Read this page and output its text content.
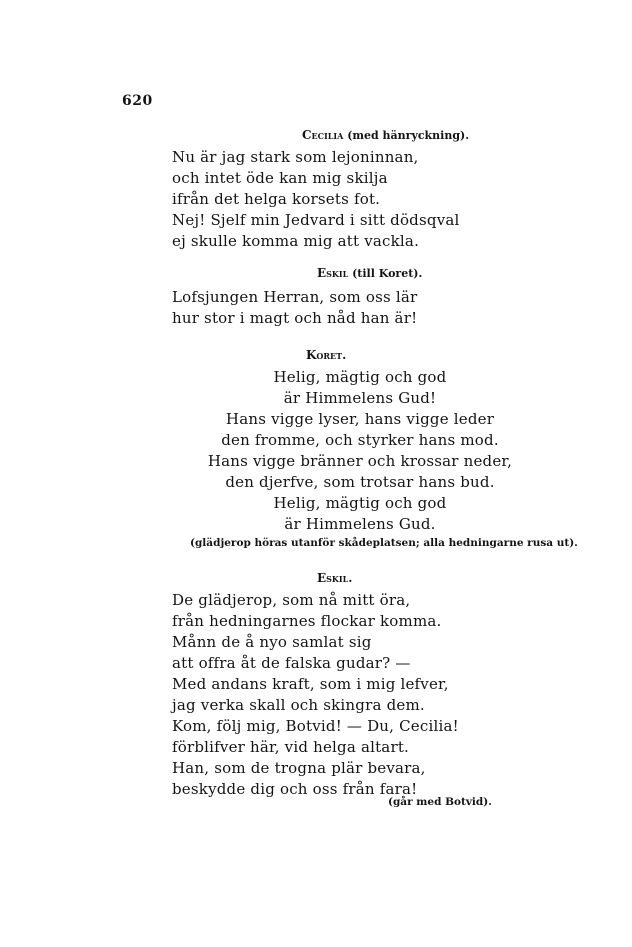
620
Cecilia (med hänryckning).
Nu är jag stark som lejoninnan,
och intet öde kan mig skilja
ifrån det helga korsets fot.
Nej! Sjelf min Jedvard i sitt dödsqval
ej skulle komma mig att vackla.
Eskil (till Koret).
Lofsjungen Herran, som oss lär
hur stor i magt och nåd han är!
Koret.
Helig, mägtig och god
är Himmelens Gud!
Hans vigge lyser, hans vigge leder
den fromme, och styrker hans mod.
Hans vigge bränner och krossar neder,
den djerfve, som trotsar hans bud.
Helig, mägtig och god
är Himmelens Gud.
(glädjerop höras utanför skådeplatsen; alla hedningarne rusa ut).
Eskil.
De glädjerop, som nå mitt öra,
från hedningarnes flockar komma.
Månn de å nyo samlat sig
att offra åt de falska gudar? —
Med andans kraft, som i mig lefver,
jag verka skall och skingra dem.
Kom, följ mig, Botvid! — Du, Cecilia!
förblifver här, vid helga altart.
Han, som de trogna plär bevara,
beskydde dig och oss från fara!
(går med Botvid).
